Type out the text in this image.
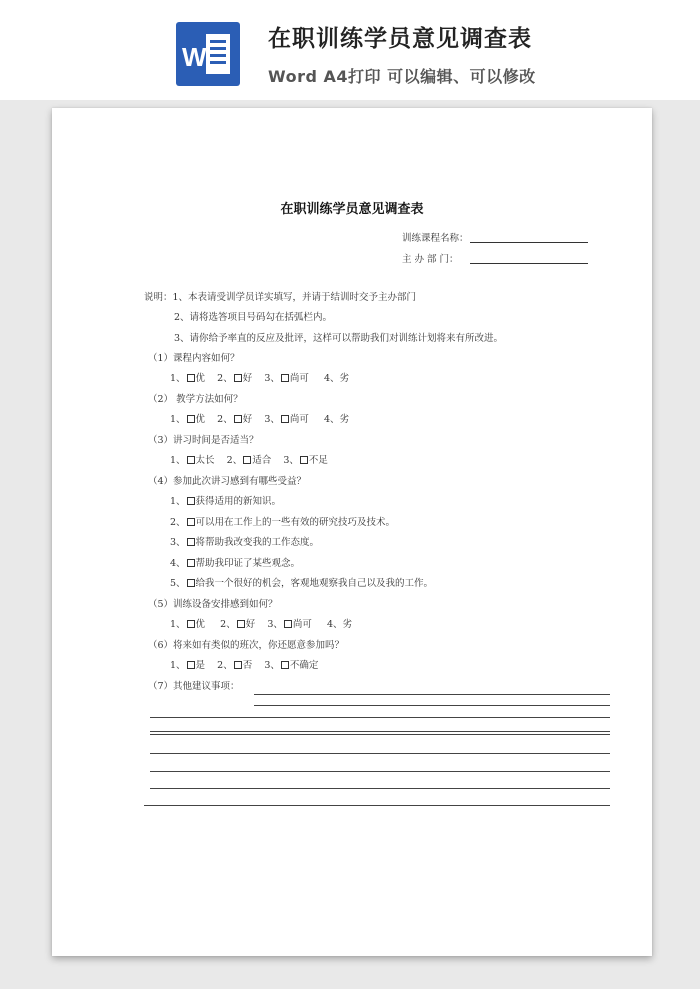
W
在职训练学员意见调查表
Word A4打印 可以编辑、可以修改
在职训练学员意见调查表
训练课程名称：
主 办 部 门：
说明：1、本表请受训学员详实填写，并请于结训时交予主办部门
2、请将选答项目号码勾在括弧栏内。
3、请你给予率直的反应及批评，这样可以帮助我们对训练计划将来有所改进。
（1）课程内容如何？
1、 优 2、 好 3、 尚可 4、劣
（2） 教学方法如何？
1、 优 2、 好 3、 尚可 4、劣
（3）讲习时间是否适当？
1、 太长 2、 适合 3、 不足
（4）参加此次讲习感到有哪些受益？
1、 获得适用的新知识。
2、 可以用在工作上的一些有效的研究技巧及技术。
3、 将帮助我改变我的工作态度。
4、 帮助我印证了某些观念。
5、 给我一个很好的机会，客观地观察我自己以及我的工作。
（5）训练设备安排感到如何？
1、 优 2、 好 3、 尚可 4、劣
（6）将来如有类似的班次，你还愿意参加吗？
1、 是 2、 否 3、 不确定
（7）其他建议事项：
